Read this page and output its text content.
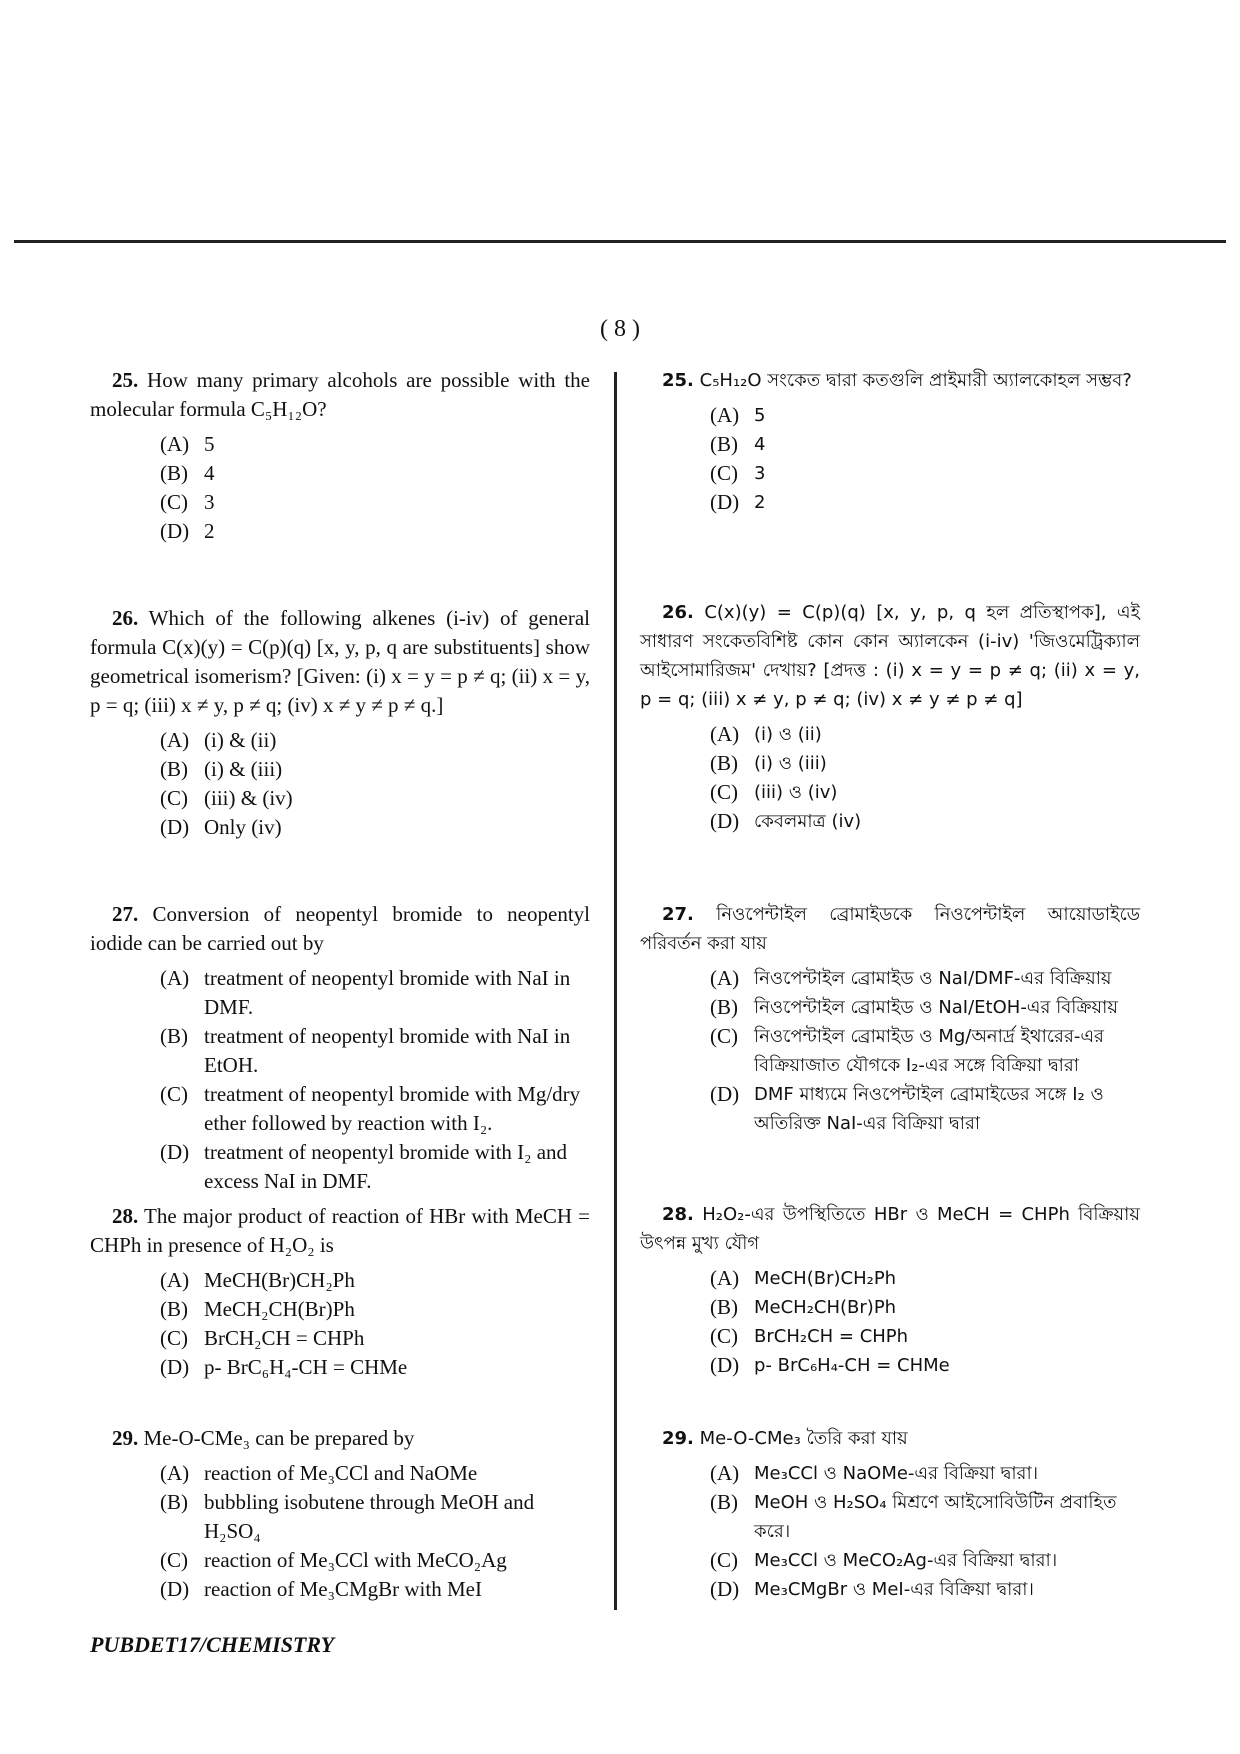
( 8 )

25. How many primary alcohols are possible with the molecular formula C₅H₁₂O?

(A) 5
(B) 4
(C) 3
(D) 2

26. Which of the following alkenes (i-iv) of general formula C(x)(y) = C(p)(q) [x, y, p, q are substituents] show geometrical isomerism? [Given: (i) x = y = p ≠ q; (ii) x = y, p = q; (iii) x ≠ y, p ≠ q; (iv) x ≠ y ≠ p ≠ q.]

(A) (i) & (ii)
(B) (i) & (iii)
(C) (iii) & (iv)
(D) Only (iv)

27. Conversion of neopentyl bromide to neopentyl iodide can be carried out by

(A) treatment of neopentyl bromide with NaI in DMF.
(B) treatment of neopentyl bromide with NaI in EtOH.
(C) treatment of neopentyl bromide with Mg/dry ether followed by reaction with I₂.
(D) treatment of neopentyl bromide with I₂ and excess NaI in DMF.

28. The major product of reaction of HBr with MeCH = CHPh in presence of H₂O₂ is

(A) MeCH(Br)CH₂Ph
(B) MeCH₂CH(Br)Ph
(C) BrCH₂CH = CHPh
(D) p- BrC₆H₄-CH = CHMe

29. Me-O-CMe₃ can be prepared by

(A) reaction of Me₃CCl and NaOMe
(B) bubbling isobutene through MeOH and H₂SO₄
(C) reaction of Me₃CCl with MeCO₂Ag
(D) reaction of Me₃CMgBr with MeI

25. C₅H₁₂O সংকেত দ্বারা কতগুলি প্রাইমারী অ্যালকোহল সম্ভব?

(A) 5
(B) 4
(C) 3
(D) 2

26. C(x)(y) = C(p)(q) [x, y, p, q হল প্রতিস্থাপক], এই সাধারণ সংকেতবিশিষ্ট কোন কোন অ্যালকেন (i-iv) 'জিওমেট্রিক্যাল আইসোমারিজম' দেখায়? [প্রদত্ত : (i) x = y = p ≠ q; (ii) x = y, p = q; (iii) x ≠ y, p ≠ q; (iv) x ≠ y ≠ p ≠ q]

(A) (i) ও (ii)
(B) (i) ও (iii)
(C) (iii) ও (iv)
(D) কেবলমাত্র (iv)

27. নিওপেন্টাইল ব্রোমাইডকে নিওপেন্টাইল আয়োডাইডে পরিবর্তন করা যায়

(A) নিওপেন্টাইল ব্রোমাইড ও NaI/DMF-এর বিক্রিয়ায়
(B) নিওপেন্টাইল ব্রোমাইড ও NaI/EtOH-এর বিক্রিয়ায়
(C) নিওপেন্টাইল ব্রোমাইড ও Mg/অনার্দ্র ইথারের-এর বিক্রিয়াজাত যৌগকে I₂-এর সঙ্গে বিক্রিয়া দ্বারা
(D) DMF মাধ্যমে নিওপেন্টাইল ব্রোমাইডের সঙ্গে I₂ ও অতিরিক্ত NaI-এর বিক্রিয়া দ্বারা

28. H₂O₂-এর উপস্থিতিতে HBr ও MeCH = CHPh বিক্রিয়ায় উৎপন্ন মুখ্য যৌগ

(A) MeCH(Br)CH₂Ph
(B) MeCH₂CH(Br)Ph
(C) BrCH₂CH = CHPh
(D) p- BrC₆H₄-CH = CHMe

29. Me-O-CMe₃ তৈরি করা যায়

(A) Me₃CCl ও NaOMe-এর বিক্রিয়া দ্বারা।
(B) MeOH ও H₂SO₄ মিশ্রণে আইসোবিউটিন প্রবাহিত করে।
(C) Me₃CCl ও MeCO₂Ag-এর বিক্রিয়া দ্বারা।
(D) Me₃CMgBr ও MeI-এর বিক্রিয়া দ্বারা।
PUBDET17/CHEMISTRY
